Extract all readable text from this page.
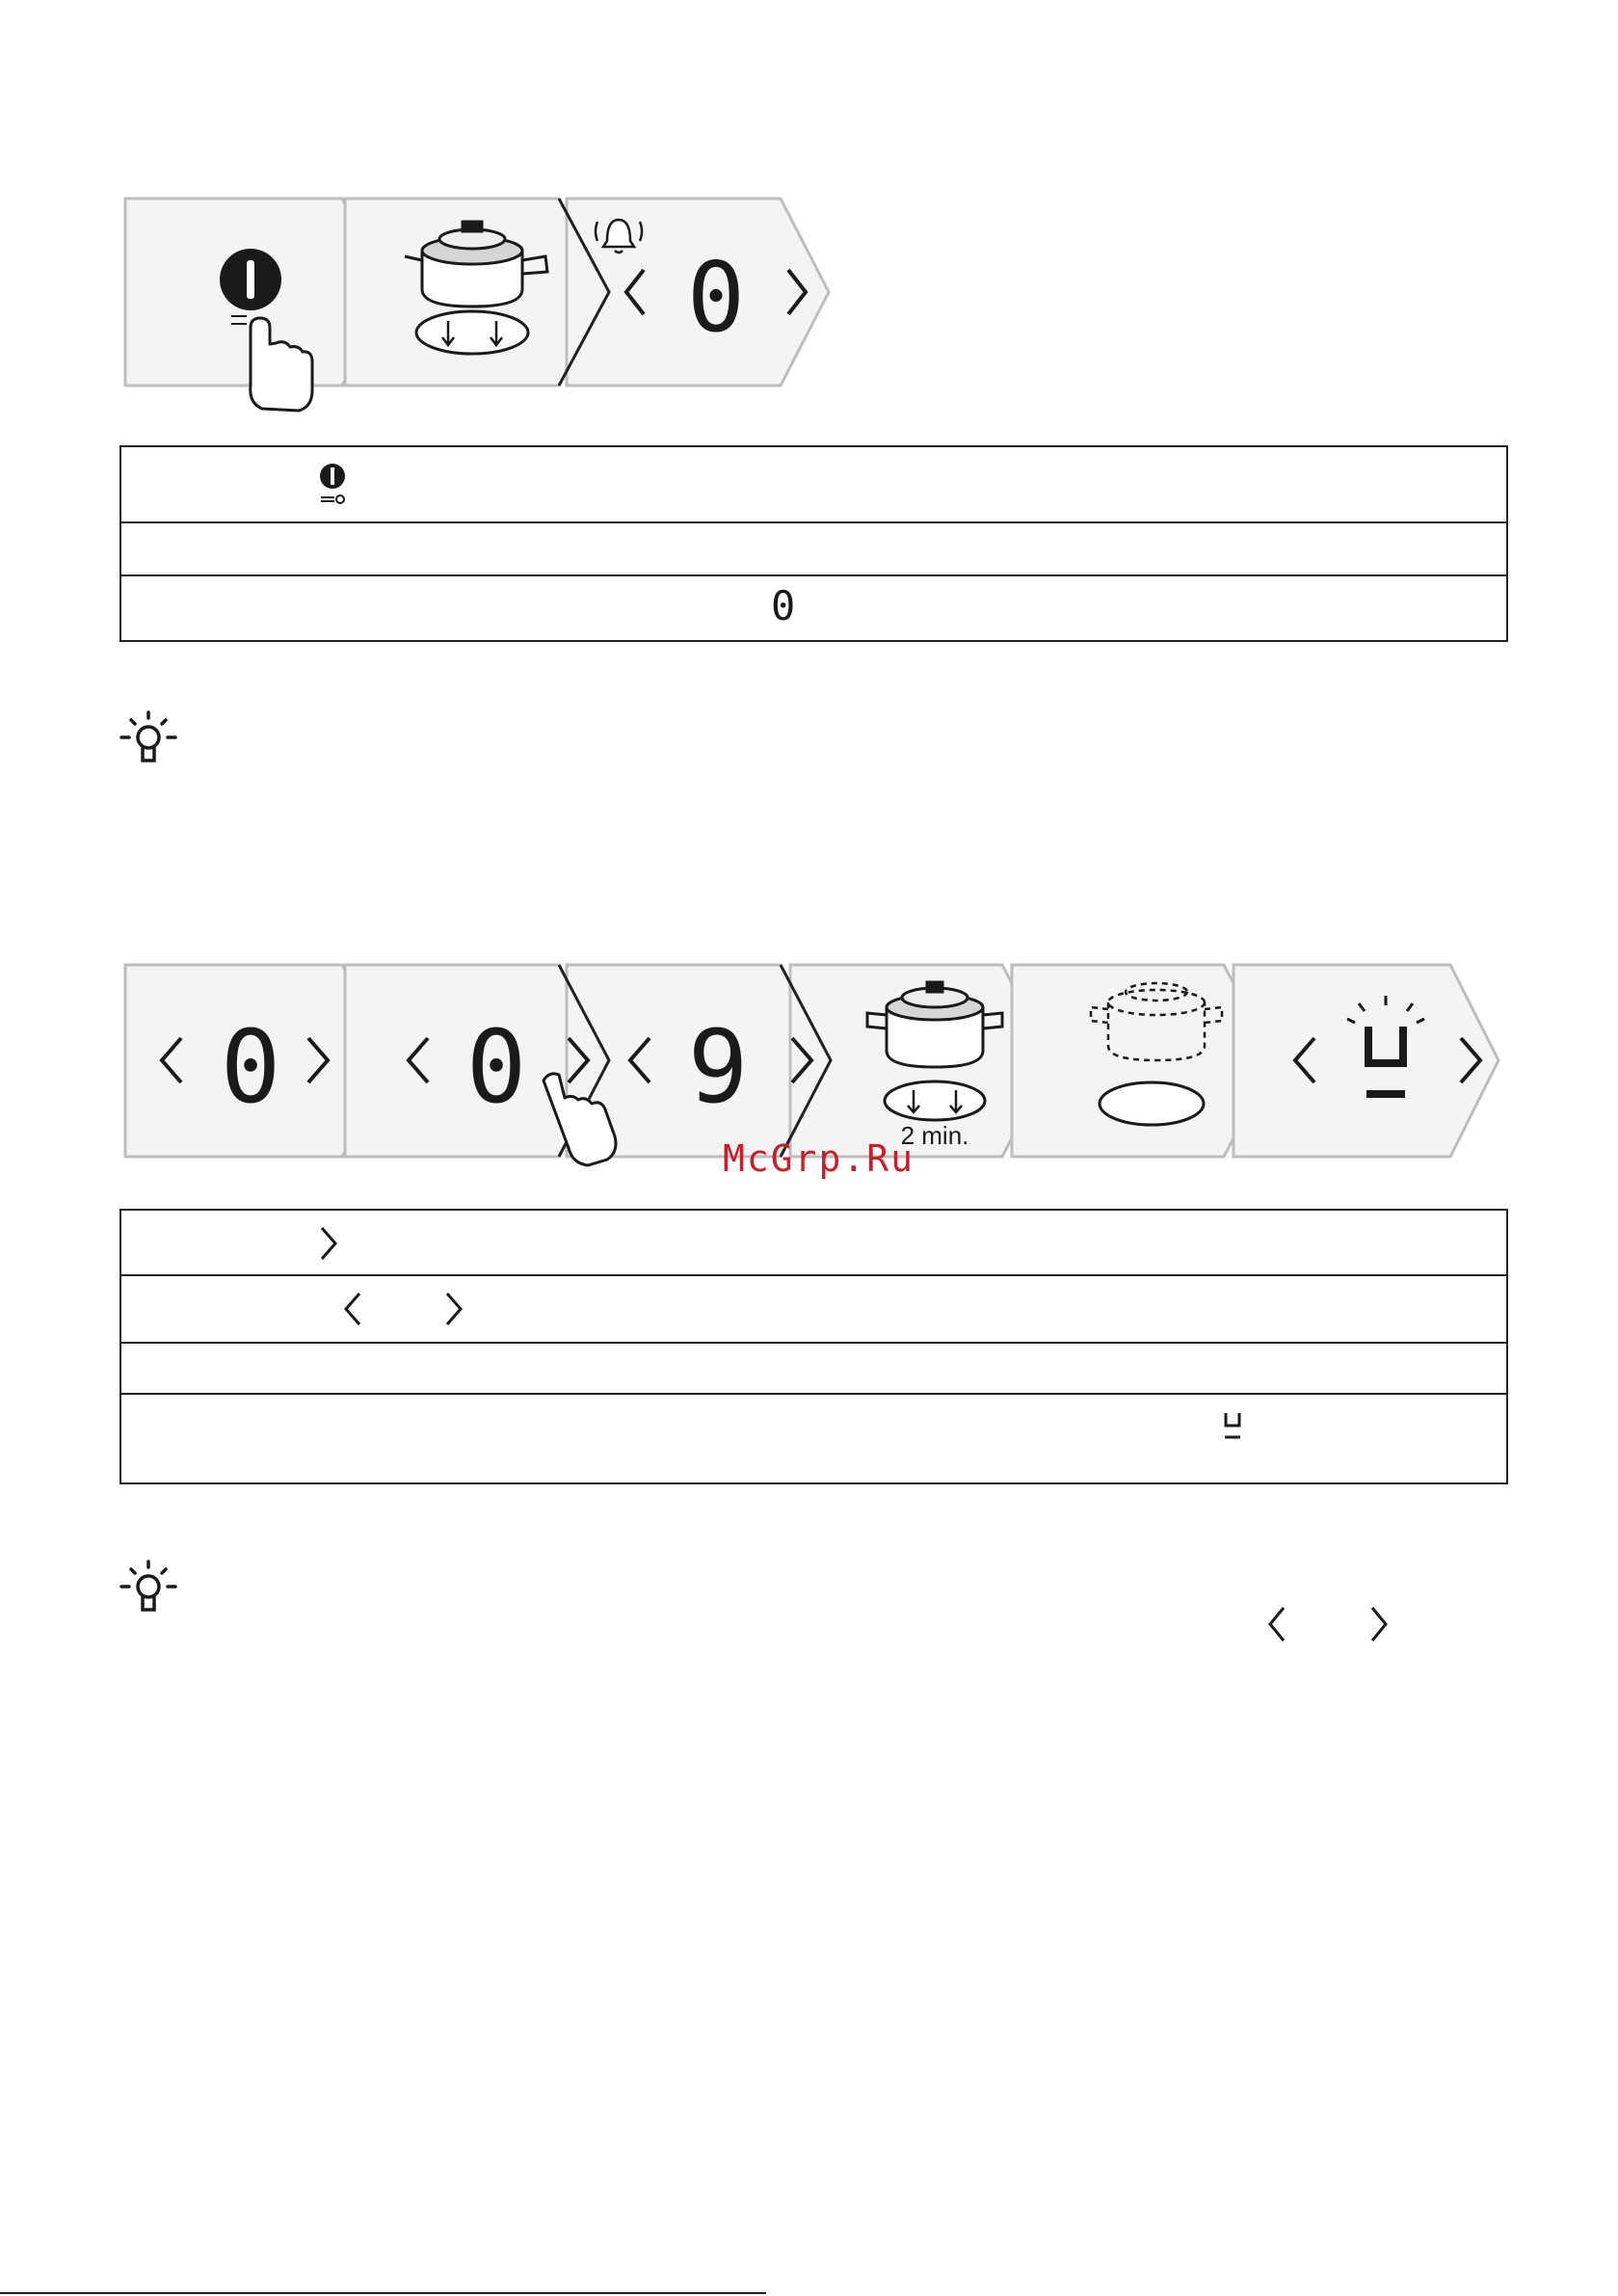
0
0
0 0 9
2 min.
McGrp.Ru
